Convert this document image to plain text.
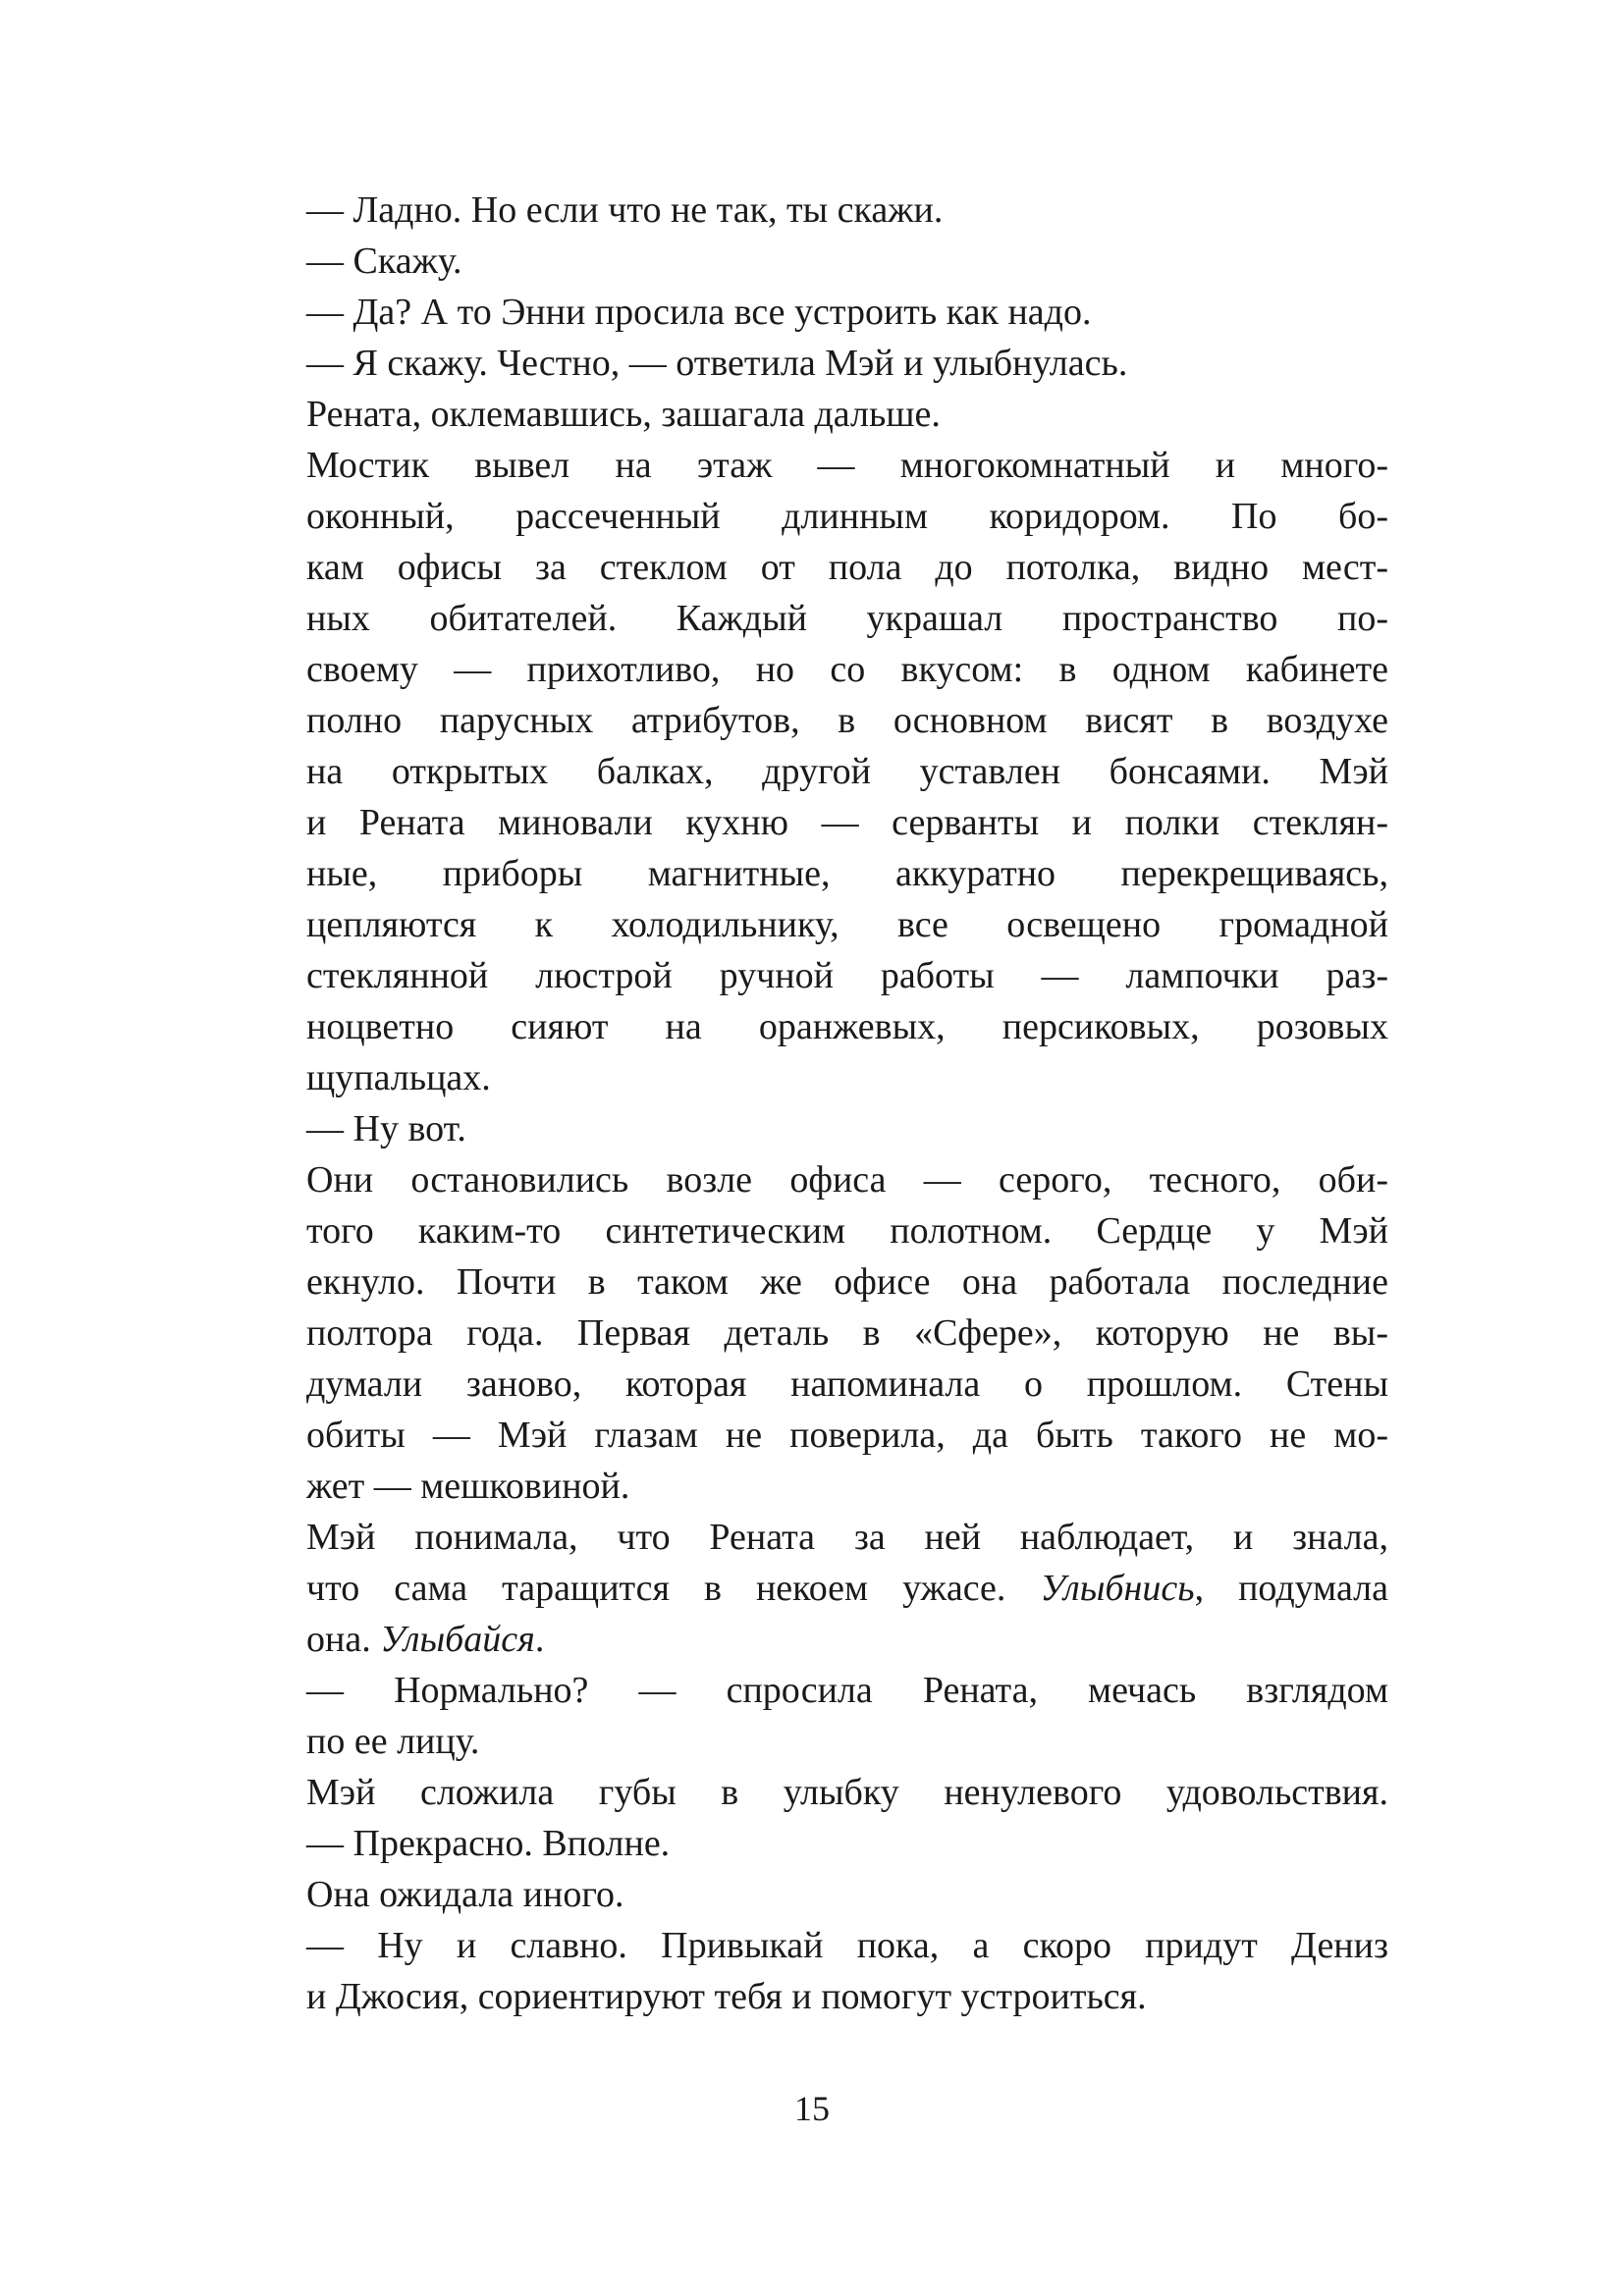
— Ладно. Но если что не так, ты скажи.
— Скажу.
— Да? А то Энни просила все устроить как надо.
— Я скажу. Честно, — ответила Мэй и улыбнулась.
Рената, оклемавшись, зашагала дальше.
Мостик вывел на этаж — многокомнатный и много-
оконный, рассеченный длинным коридором. По бо-
кам офисы за стеклом от пола до потолка, видно мест-
ных обитателей. Каждый украшал пространство по-
своему — прихотливо, но со вкусом: в одном кабинете
полно парусных атрибутов, в основном висят в воздухе
на открытых балках, другой уставлен бонсаями. Мэй
и Рената миновали кухню — серванты и полки стеклян-
ные, приборы магнитные, аккуратно перекрещиваясь,
цепляются к холодильнику, все освещено громадной
стеклянной люстрой ручной работы — лампочки раз-
ноцветно сияют на оранжевых, персиковых, розовых
щупальцах.
— Ну вот.
Они остановились возле офиса — серого, тесного, оби-
того каким-то синтетическим полотном. Сердце у Мэй
екнуло. Почти в таком же офисе она работала последние
полтора года. Первая деталь в «Сфере», которую не вы-
думали заново, которая напоминала о прошлом. Стены
обиты — Мэй глазам не поверила, да быть такого не мо-
жет — мешковиной.
Мэй понимала, что Рената за ней наблюдает, и знала,
что сама таращится в некоем ужасе. Улыбнись, подумала
она. Улыбайся.
— Нормально? — спросила Рената, мечась взглядом
по ее лицу.
Мэй сложила губы в улыбку ненулевого удовольствия.
— Прекрасно. Вполне.
Она ожидала иного.
— Ну и славно. Привыкай пока, а скоро придут Дениз
и Джосия, сориентируют тебя и помогут устроиться.
15
